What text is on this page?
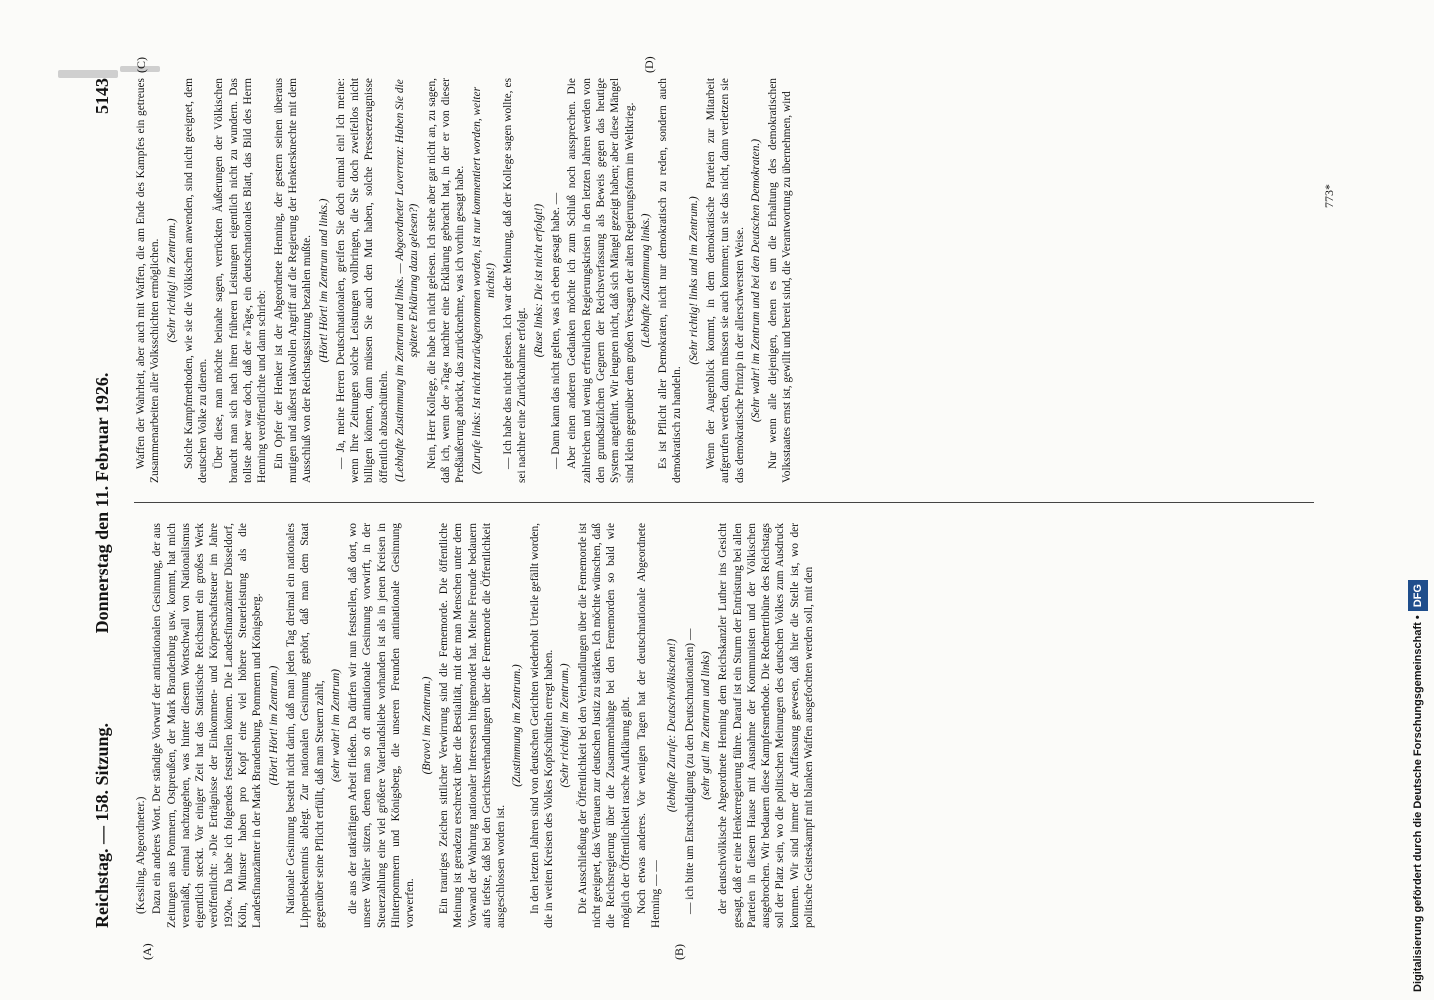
Reichstag. — 158. Sitzung.
Donnerstag den 11. Februar 1926.
5143
(A)	(B)
(C)	(D)

(Kessling, Abgeordneter.) Dazu ein anderes Wort. Der ständige Vorwurf der antinationalen Gesinnung, der aus Zeitungen aus Pommern, Ostpreußen, der Mark Brandenburg usw. kommt, hat mich veranlaßt, einmal nachzugehen, was hinter diesem Wortschwall von Nationalismus eigentlich steckt. Vor einiger Zeit hat das Statistische Reichsamt ein großes Werk veröffentlicht: »Die Erträgnisse der Einkommen- und Körperschaftsteuer im Jahre 1920«. Da habe ich folgendes feststellen können. Die Landesfinanzämter Düsseldorf, Köln, Münster haben pro Kopf eine viel höhere Steuerleistung als die Landesfinanzämter in der Mark Brandenburg, Pommern und Königsberg. (Hört! Hört! im Zentrum.) Nationale Gesinnung besteht nicht darin, daß man jeden Tag dreimal ein nationales Lippenbekenntnis ablegt. Zur nationalen Gesinnung gehört, daß man dem Staat gegenüber seine Pflicht erfüllt, daß man Steuern zahlt, (sehr wahr! im Zentrum) die aus der tatkräftigen Arbeit fließen. Da dürfen wir nun feststellen, daß dort, wo unsere Wähler sitzen, denen man so oft antinationale Gesinnung vorwirft, in der Steuerzahlung eine viel größere Vaterlandsliebe vorhanden ist als in jenen Kreisen in Hinterpommern und Königsberg, die unseren Freunden antinationale Gesinnung vorwerfen.

(Bravo! im Zentrum.) Ein trauriges Zeichen sittlicher Verwirrung sind die Fememorde. Die öffentliche Meinung ist geradezu erschreckt über die Bestialität, mit der man Menschen unter dem Vorwand der Wahrung nationaler Interessen hingemordet hat. Meine Freunde bedauern aufs tiefste, daß bei den Gerichtsverhandlungen über die Fememorde die Öffentlichkeit ausgeschlossen worden ist.

(Zustimmung im Zentrum.) In den letzten Jahren sind von deutschen Gerichten wiederholt Urteile gefällt worden, die in weiten Kreisen des Volkes Kopfschütteln erregt haben. (Sehr richtig! im Zentrum.) Die Ausschließung der Öffentlichkeit bei den Verhandlungen über die Fememorde ist nicht geeignet, das Vertrauen zur deutschen Justiz zu stärken. Ich möchte wünschen, daß die Reichsregierung über die Zusammenhänge bei den Fememorden so bald wie möglich der Öffentlichkeit rasche Aufklärung gibt. Noch etwas anderes. Vor wenigen Tagen hat der deutschnationale Abgeordnete Henning — —

(lebhafte Zurufe: Deutschvölkischen!) — ich bitte um Entschuldigung (zu den Deutschnationalen) — (sehr gut! im Zentrum und links) der deutschvölkische Abgeordnete Henning dem Reichskanzler Luther ins Gesicht gesagt, daß er eine Henkerregierung führe. Darauf ist ein Sturm der Entrüstung bei allen Parteien in diesem Hause mit Ausnahme der Kommunisten und der Völkischen ausgebrochen. Wir bedauern diese Kampfesmethode. Die Rednertribüne des Reichstags soll der Platz sein, wo die politischen Meinungen des deutschen Volkes zum Ausdruck kommen. Wir sind immer der Auffassung gewesen, daß hier die Stelle ist, wo der politische Geisteskampf mit blanken Waffen ausgefochten werden soll, mit den

Waffen der Wahrheit, aber auch mit Waffen, die am Ende des Kampfes ein getreues Zusammenarbeiten aller Volksschichten ermöglichen. (Sehr richtig! im Zentrum.) Solche Kampfmethoden, wie sie die Völkischen anwenden, sind nicht geeignet, dem deutschen Volke zu dienen. Über diese, man möchte beinahe sagen, verrückten Äußerungen der Völkischen braucht man sich nach ihren früheren Leistungen eigentlich nicht zu wundern. Das tollste aber war doch, daß der »Tag«, ein deutschnationales Blatt, das Bild des Herrn Henning veröffentlichte und dann schrieb: Ein Opfer der Henker ist der Abgeordnete Henning, der gestern seinen überaus mutigen und äußerst taktvollen Angriff auf die Regierung der Henkersknechte mit dem Ausschluß von der Reichstagssitzung bezahlen mußte. (Hört! Hört! im Zentrum und links.) — Ja, meine Herren Deutschnationalen, greifen Sie doch einmal ein! Ich meine: wenn Ihre Zeitungen solche Leistungen vollbringen, die Sie doch zweifellos nicht billigen können, dann müssen Sie auch den Mut haben, solche Presseerzeugnisse öffentlich abzuschütteln. (Lebhafte Zustimmung im Zentrum und links. — Abgeordneter Laverrenz: Haben Sie die spätere Erklärung dazu gelesen?) Nein, Herr Kollege, die habe ich nicht gelesen. Ich stehe aber gar nicht an, zu sagen, daß ich, wenn der »Tag« nachher eine Erklärung gebracht hat, in der er von dieser Preßäußerung abrückt, das zurücknehme, was ich vorhin gesagt habe. (Zurufe links: Ist nicht zurückgenommen worden, ist nur kommentiert worden, weiter nichts!) — Ich habe das nicht gelesen. Ich war der Meinung, daß der Kollege sagen wollte, es sei nachher eine Zurücknahme erfolgt.

(Ruse links: Die ist nicht erfolgt!) — Dann kann das nicht gelten, was ich eben gesagt habe. — Aber einen anderen Gedanken möchte ich zum Schluß noch aussprechen. Die zahlreichen und wenig erfreulichen Regierungskrisen in den letzten Jahren werden von den grundsätzlichen Gegnern der Reichsverfassung als Beweis gegen das heutige System angeführt. Wir leugnen nicht, daß sich Mängel gezeigt haben; aber diese Mängel sind klein gegenüber dem großen Versagen der alten Regierungsform im Weltkrieg. (Lebhafte Zustimmung links.) Es ist Pflicht aller Demokraten, nicht nur demokratisch zu reden, sondern auch demokratisch zu handeln.

(Sehr richtig! links und im Zentrum.) Wenn der Augenblick kommt, in dem demokratische Parteien zur Mitarbeit aufgerufen werden, dann müssen sie auch kommen; tun sie das nicht, dann verletzen sie das demokratische Prinzip in der allerschwersten Weise. (Sehr wahr! im Zentrum und bei den Deutschen Demokraten.) Nur wenn alle diejenigen, denen es um die Erhaltung des demokratischen Volksstaates ernst ist, gewillt und bereit sind, die Verantwortung zu übernehmen, wird	773*
Digitalisierung gefördert durch die Deutsche Forschungsgemeinschaft •DFG
